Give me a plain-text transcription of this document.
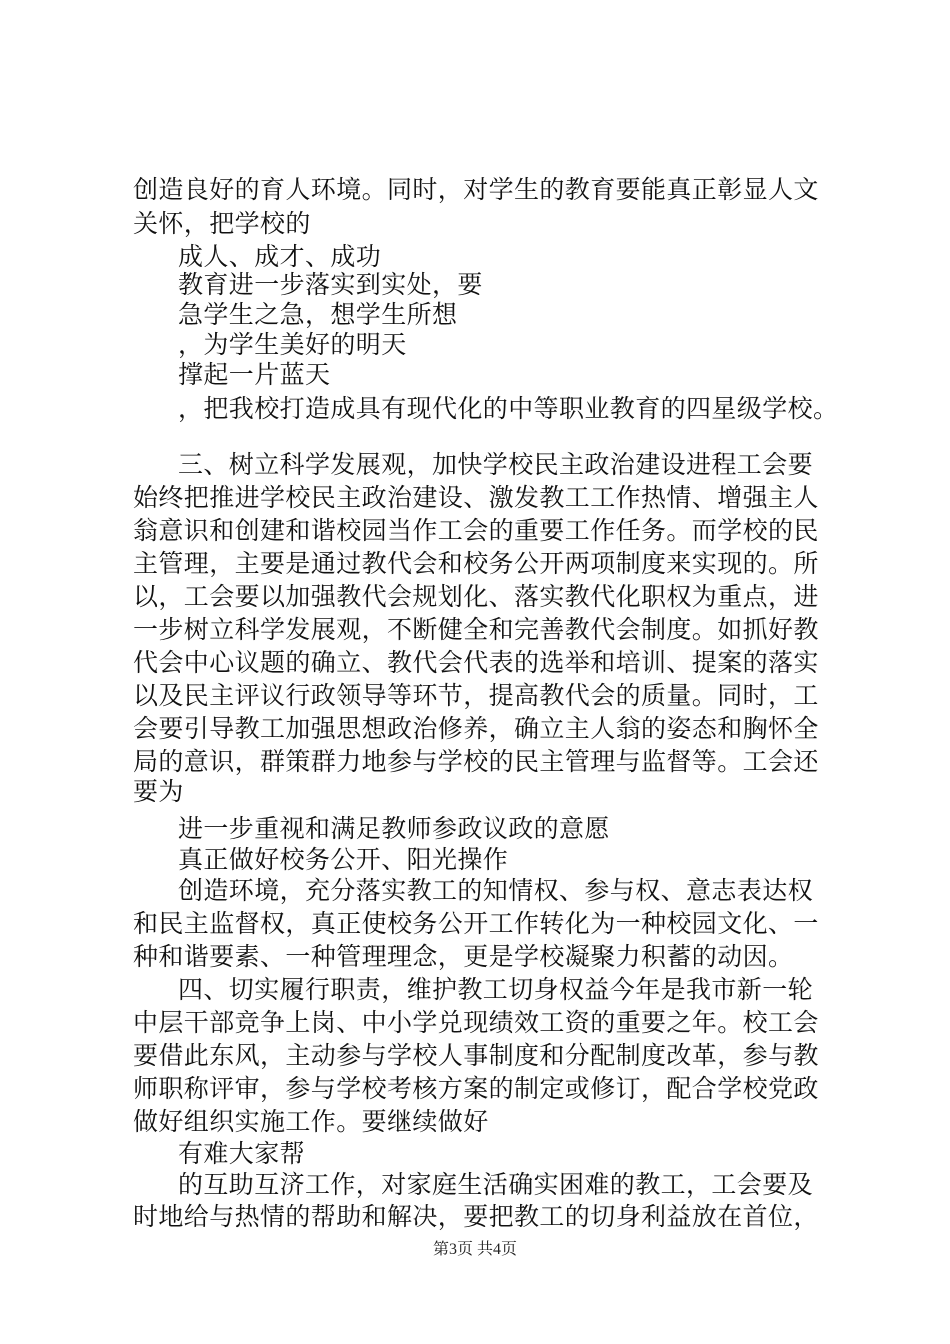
创造良好的育人环境。同时，对学生的教育要能真正彰显人文
关怀，把学校的
成人、成才、成功
教育进一步落实到实处，要
急学生之急，想学生所想
，为学生美好的明天
撑起一片蓝天
，把我校打造成具有现代化的中等职业教育的四星级学校。
三、树立科学发展观，加快学校民主政治建设进程工会要
始终把推进学校民主政治建设、激发教工工作热情、增强主人
翁意识和创建和谐校园当作工会的重要工作任务。而学校的民
主管理，主要是通过教代会和校务公开两项制度来实现的。所
以，工会要以加强教代会规划化、落实教代化职权为重点，进
一步树立科学发展观，不断健全和完善教代会制度。如抓好教
代会中心议题的确立、教代会代表的选举和培训、提案的落实
以及民主评议行政领导等环节，提高教代会的质量。同时，工
会要引导教工加强思想政治修养，确立主人翁的姿态和胸怀全
局的意识，群策群力地参与学校的民主管理与监督等。工会还
要为
进一步重视和满足教师参政议政的意愿
真正做好校务公开、阳光操作
创造环境，充分落实教工的知情权、参与权、意志表达权
和民主监督权，真正使校务公开工作转化为一种校园文化、一
种和谐要素、一种管理理念，更是学校凝聚力积蓄的动因。
四、切实履行职责，维护教工切身权益今年是我市新一轮
中层干部竞争上岗、中小学兑现绩效工资的重要之年。校工会
要借此东风，主动参与学校人事制度和分配制度改革，参与教
师职称评审，参与学校考核方案的制定或修订，配合学校党政
做好组织实施工作。要继续做好
有难大家帮
的互助互济工作，对家庭生活确实困难的教工，工会要及
时地给与热情的帮助和解决，要把教工的切身利益放在首位，
第3页 共4页
